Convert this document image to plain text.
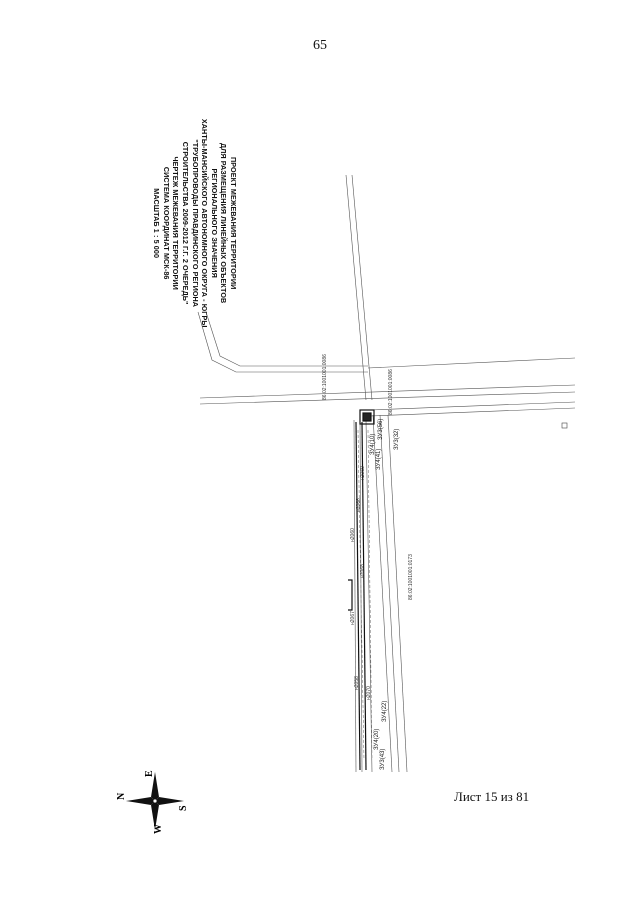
65
ПРОЕКТ МЕЖЕВАНИЯ ТЕРРИТОРИИ
ДЛЯ РАЗМЕЩЕНИЯ ЛИНЕЙНЫХ ОБЪЕКТОВ
РЕГИОНАЛЬНОГО ЗНАЧЕНИЯ
ХАНТЫ-МАНСИЙСКОГО АВТОНОМНОГО ОКРУГА - ЮГРЫ
"ТРУБОПРОВОДЫ ПРАВДИНСКОГО РЕГИОНА
СТРОИТЕЛЬСТВА 2009-2012 Г.Г. 2 ОЧЕРЕДЬ"
ЧЕРТЕЖ МЕЖЕВАНИЯ ТЕРРИТОРИИ
СИСТЕМА КООРДИНАТ МСК-86
МАСШТАБ 1 : 5 000
ЗУ4(10)
ЗУ3(56)
ЗУ4(41)
ЗУ3(32)
ЗУ4(20)
ЗУ4(22)
ЗУ3(43)
86:02:1001001:0173
86:02:1001001:0086	86:02:1001001:0086
н2060
н2066
н2068
н2067
н2058
н2069
н2070
N
S
E
W
Лист 15 из 81
